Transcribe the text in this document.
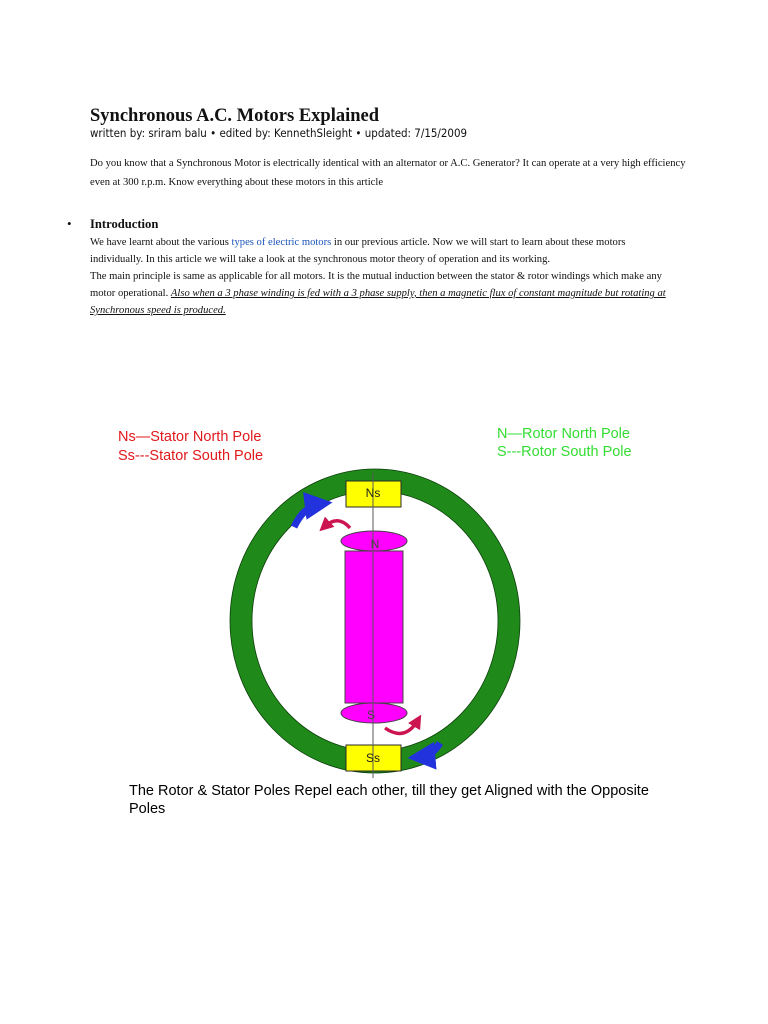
Synchronous A.C. Motors Explained
written by: sriram balu • edited by: KennethSleight • updated: 7/15/2009

Do you know that a Synchronous Motor is electrically identical with an alternator or A.C. Generator? It can operate at a very high efficiency even at 300 r.p.m. Know everything about these motors in this article

• Introduction

We have learnt about the various types of electric motors in our previous article. Now we will start to learn about these motors individually. In this article we will take a look at the synchronous motor theory of operation and its working.

The main principle is same as applicable for all motors. It is the mutual induction between the stator & rotor windings which make any motor operational. Also when a 3 phase winding is fed with a 3 phase supply, then a magnetic flux of constant magnitude but rotating at Synchronous speed is produced.

Ns—Stator North Pole
Ss---Stator South Pole
N—Rotor North Pole
S---Rotor South Pole
Ns
Ss
N
S
The Rotor & Stator Poles Repel each other, till they get Aligned with the Opposite
Poles
